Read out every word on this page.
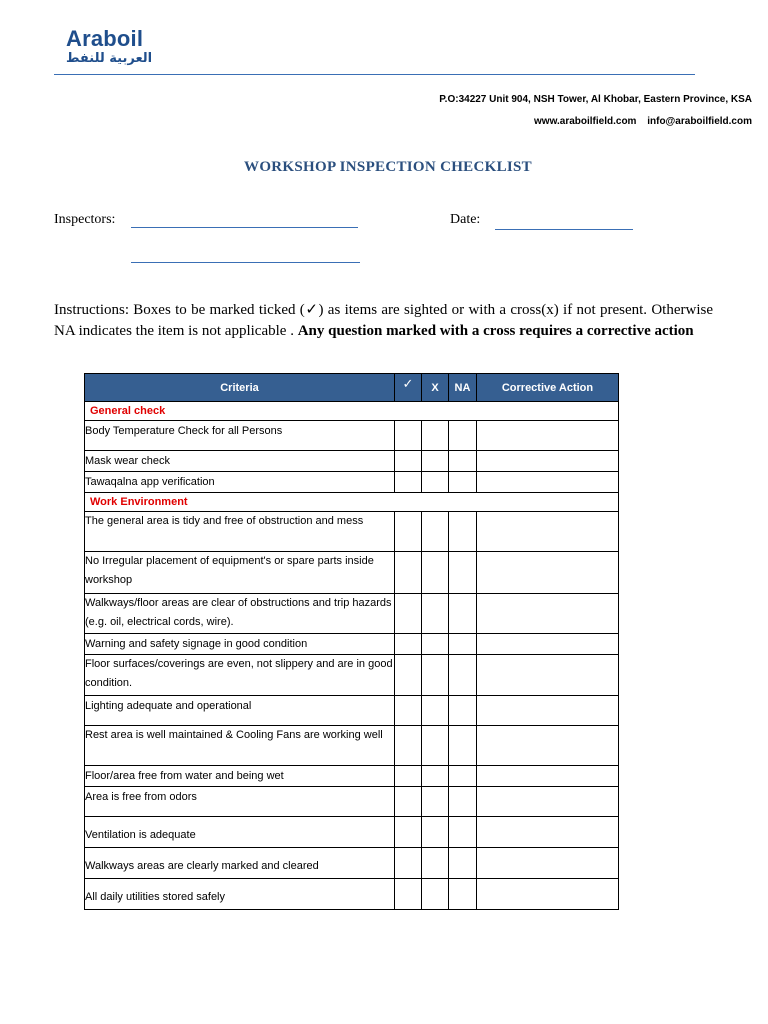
Araboil
العربية للنفط
P.O:34227 Unit 904, NSH Tower, Al Khobar, Eastern Province, KSA
www.araboilfield.com info@araboilfield.com
WORKSHOP INSPECTION CHECKLIST
Inspectors:	Date:
Instructions: Boxes to be marked ticked (✓) as items are sighted or with a cross(x) if not present. Otherwise NA indicates the item is not applicable . Any question marked with a cross requires a corrective action
Criteria	✓	X	NA	Corrective Action
General check				
Body Temperature Check for all Persons				
Mask wear check				
Tawaqalna app verification				
Work Environment				
The general area is tidy and free of obstruction and mess				
No Irregular placement of equipment's or spare parts inside workshop				
Walkways/floor areas are clear of obstructions and trip hazards (e.g. oil, electrical cords, wire).				
Warning and safety signage in good condition				
Floor surfaces/coverings are even, not slippery and are in good condition.				
Lighting adequate and operational				
Rest area is well maintained & Cooling Fans are working well				
Floor/area free from water and being wet				
Area is free from odors				
Ventilation is adequate				
Walkways areas are clearly marked and cleared				
All daily utilities stored safely				
